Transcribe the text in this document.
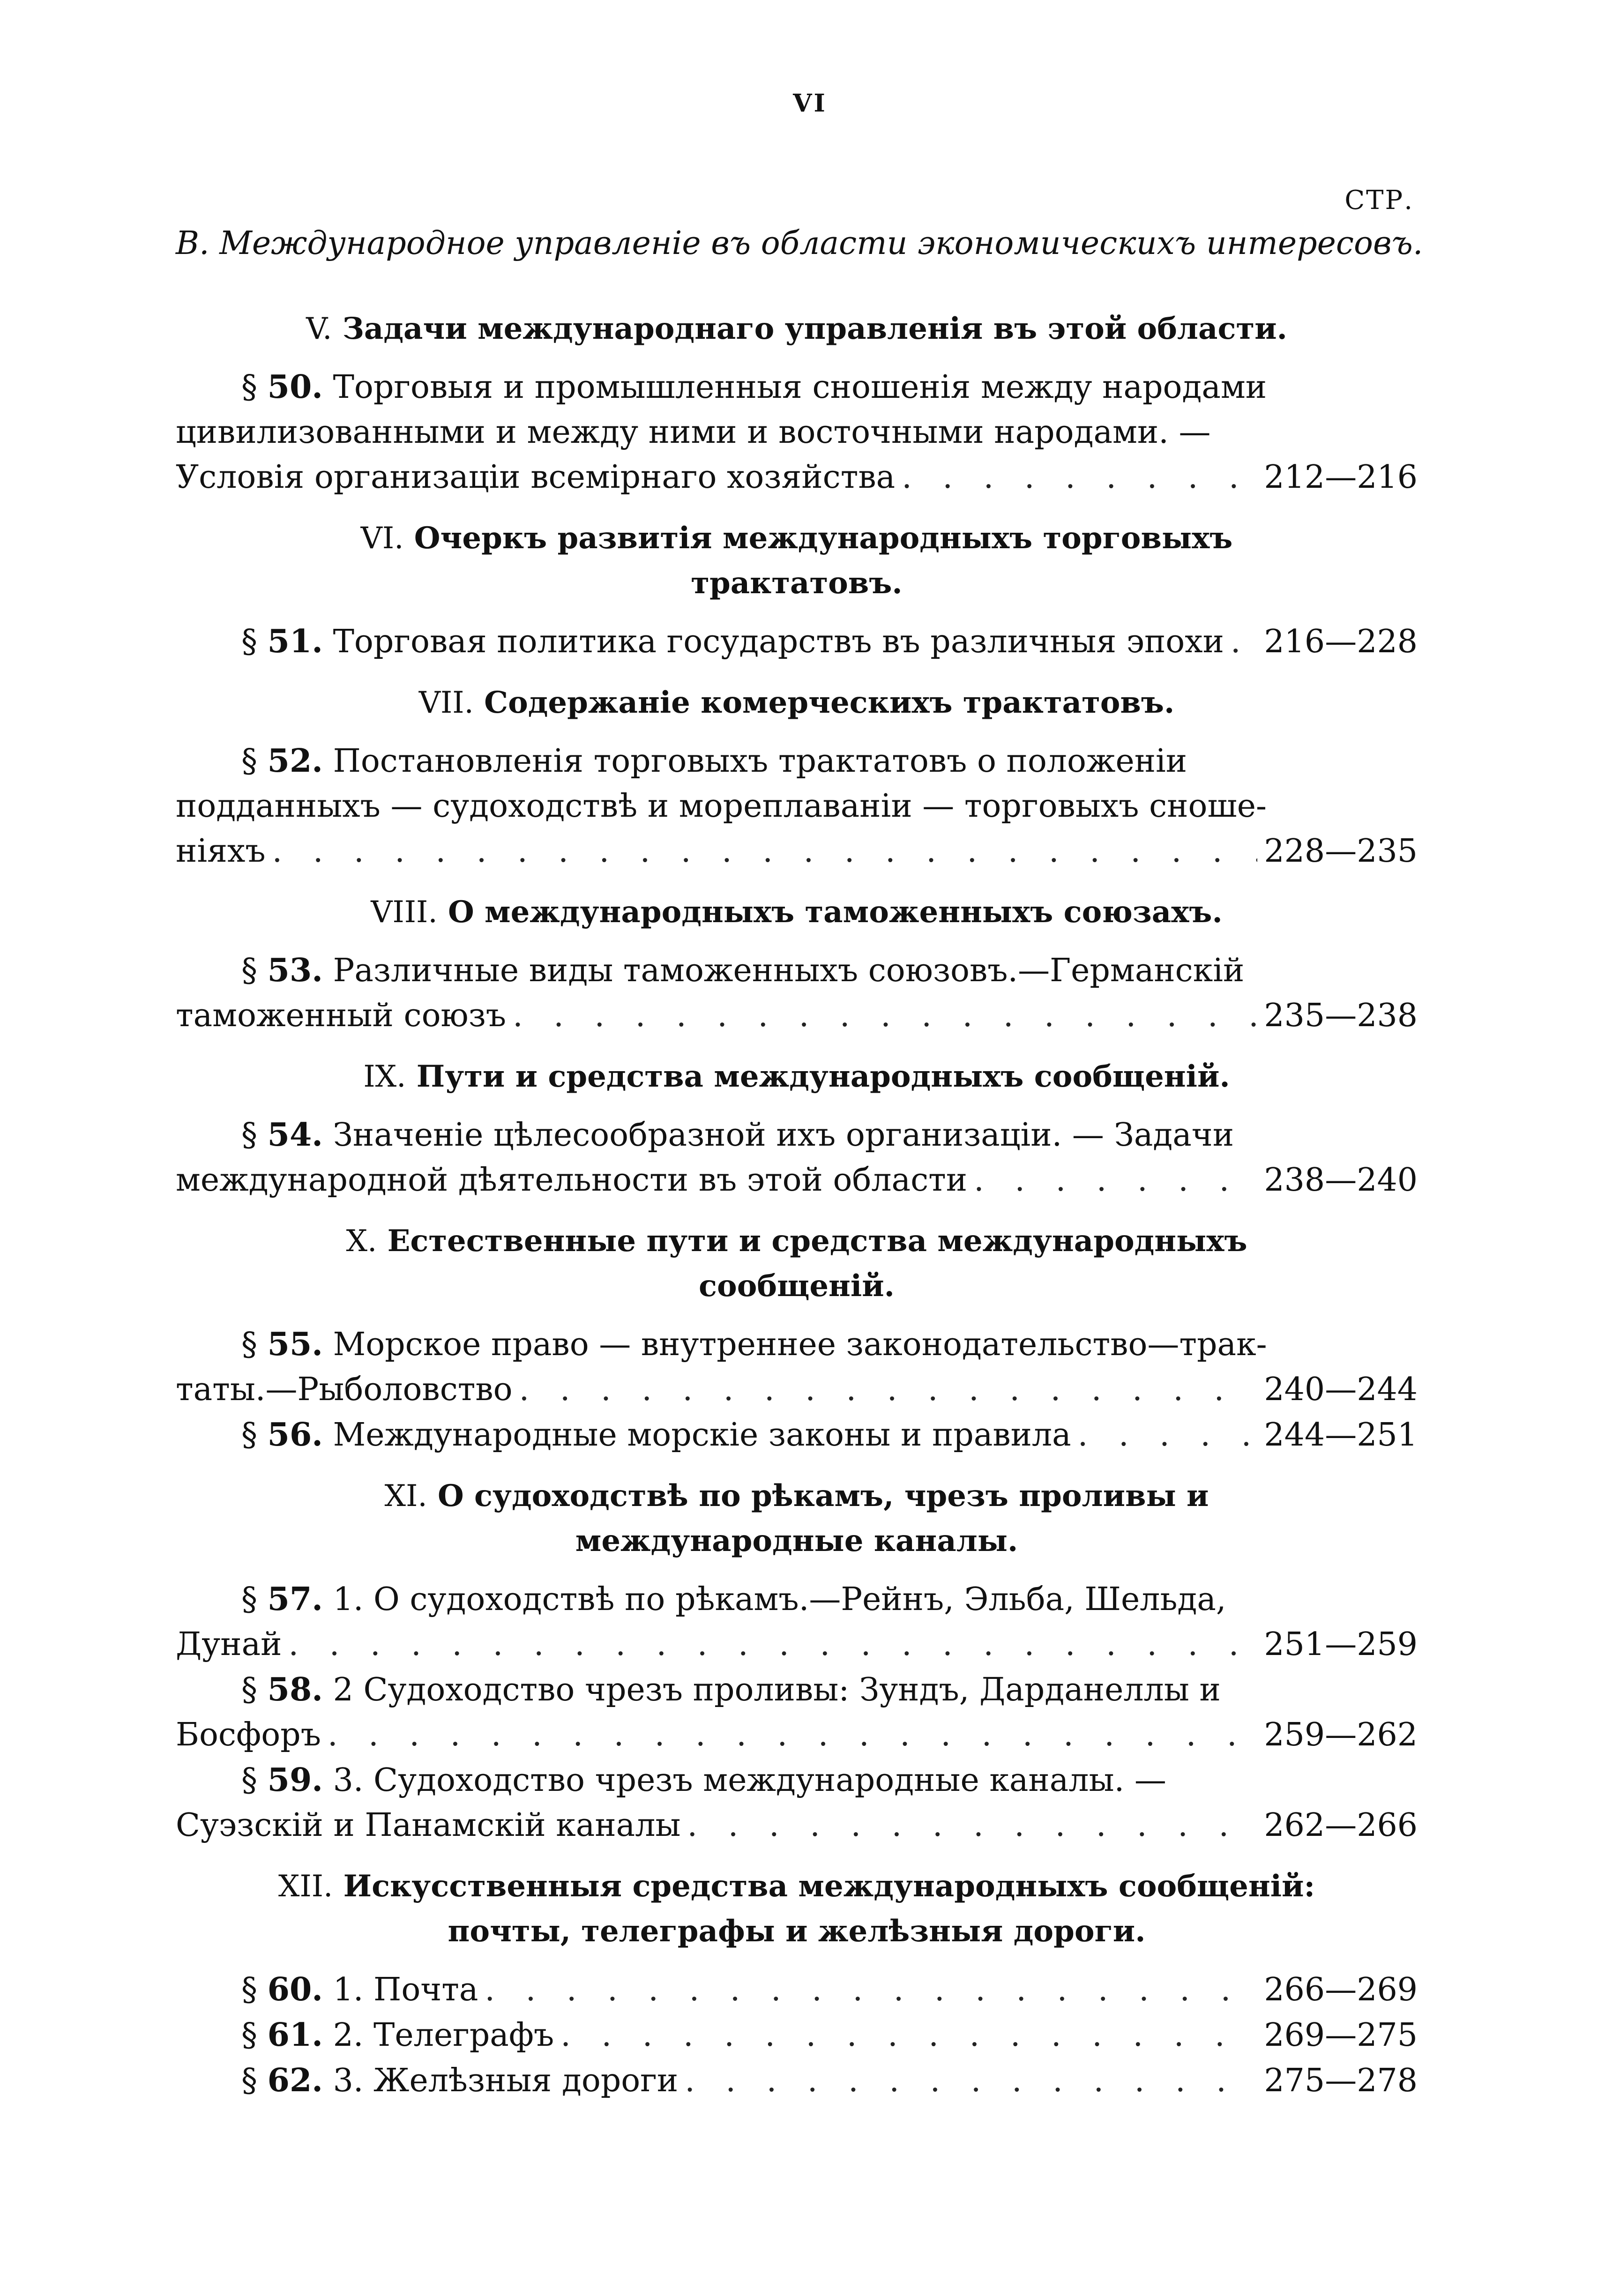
VI
СТР.
В. Международное управленіе въ области экономическихъ интересовъ.
V. Задачи международнаго управленія въ этой области.
§ 50. Торговыя и промышленныя сношенія между народами
цивилизованными и между ними и восточными народами. —
Условія организаціи всемірнаго хозяйства . . .	212—216
VI. Очеркъ развитія международныхъ торговыхъ трактатовъ.
§ 51. Торговая политика государствъ въ различныя эпохи . . . 216—228
VII. Содержаніе комерческихъ трактатовъ.
§ 52. Постановленія торговыхъ трактатовъ о положеніи
подданныхъ — судоходствѣ и мореплаваніи — торговыхъ сноше-
ніяхъ . . .	228—235
VIII. О международныхъ таможенныхъ союзахъ.
§ 53. Различные виды таможенныхъ союзовъ.—Германскій
таможенный союзъ . . .	235—238
IX. Пути и средства международныхъ сообщеній.
§ 54. Значеніе цѣлесообразной ихъ организаціи. — Задачи
международной дѣятельности въ этой области . . .	238—240
X. Естественные пути и средства международныхъ сообщеній.
§ 55. Морское право — внутреннее законодательство—трак-
таты.—Рыболовство . . .	240—244
§ 56. Международные морскіе законы и правила . . .	244—251
XI. О судоходствѣ по рѣкамъ, чрезъ проливы и международные каналы.
§ 57. 1. О судоходствѣ по рѣкамъ.—Рейнъ, Эльба, Шельда,
Дунай . . .	251—259
§ 58. 2 Судоходство чрезъ проливы: Зундъ, Дарданеллы и
Босфоръ . . .	259—262
§ 59. 3. Судоходство чрезъ международные каналы. —
Суэзскій и Панамскій каналы . . .	262—266
XII. Искусственныя средства международныхъ сообщеній: почты, телеграфы и желѣзныя дороги.
§ 60. 1. Почта . . .	266—269
§ 61. 2. Телеграфъ . . .	269—275
§ 62. 3. Желѣзныя дороги . . .	275—278
